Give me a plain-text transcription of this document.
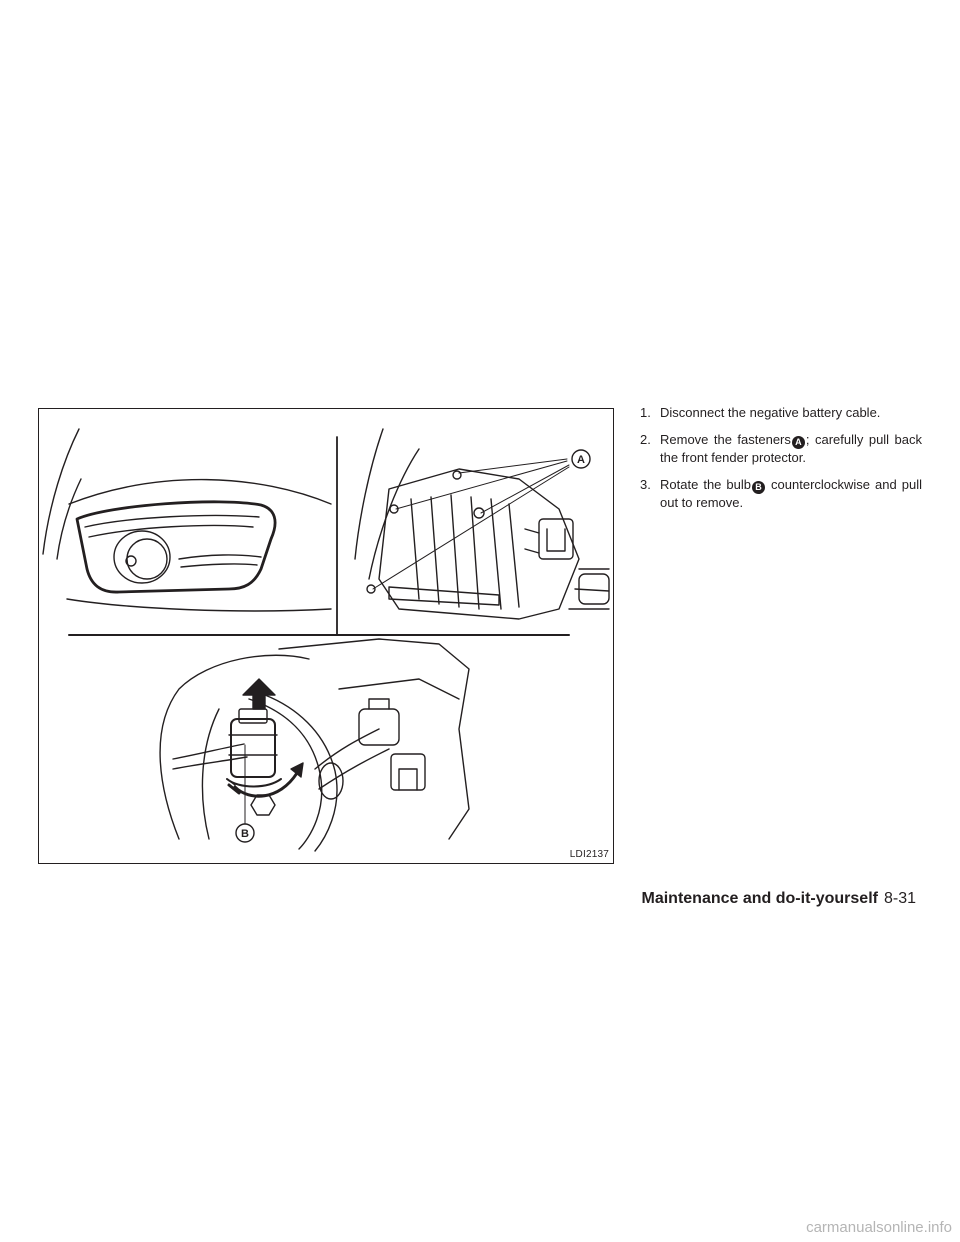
A
B
LDI2137
1. Disconnect the negative battery cable.
2. Remove the fasteners A ; carefully pull back the front fender protector.
3. Rotate the bulb B counterclockwise and pull out to remove.
Maintenance and do-it-yourself 8-31
carmanualsonline.info
